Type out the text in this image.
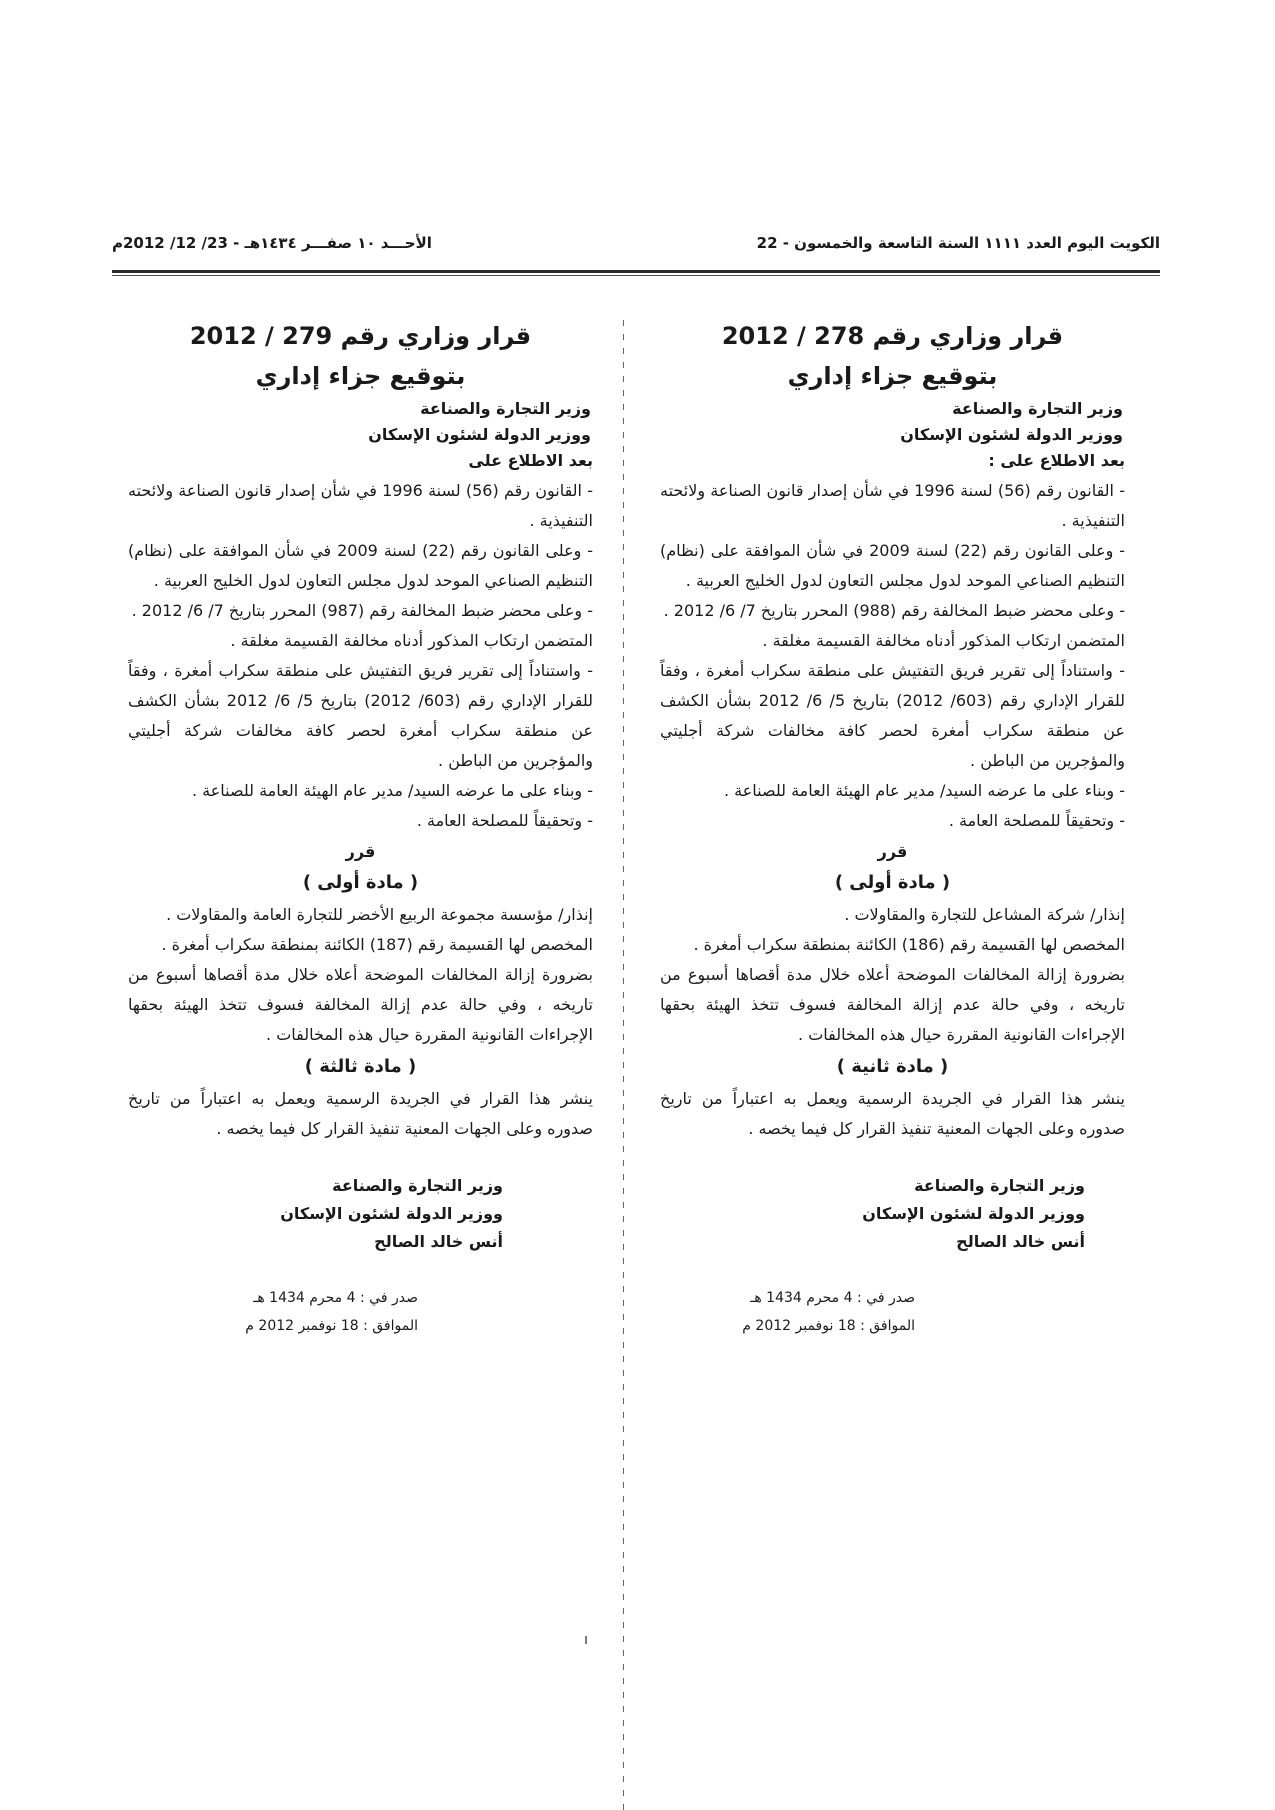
الكويت اليوم العدد ١١١١ السنة التاسعة والخمسون - 22
الأحـــد ١٠ صفـــر ١٤٣٤هـ - 23/ 12/ 2012م
قرار وزاري رقم 278 / 2012
بتوقيع جزاء إداري
وزير التجارة والصناعة
ووزير الدولة لشئون الإسكان
بعد الاطلاع على :

- القانون رقم (56) لسنة 1996 في شأن إصدار قانون الصناعة ولائحته التنفيذية .

- وعلى القانون رقم (22) لسنة 2009 في شأن الموافقة على (نظام) التنظيم الصناعي الموحد لدول مجلس التعاون لدول الخليج العربية .

- وعلى محضر ضبط المخالفة رقم (988) المحرر بتاريخ 7/ 6/ 2012 .

المتضمن ارتكاب المذكور أدناه مخالفة القسيمة مغلقة .

- واستناداً إلى تقرير فريق التفتيش على منطقة سكراب أمغرة ، وفقاً للقرار الإداري رقم (603/ 2012) بتاريخ 5/ 6/ 2012 بشأن الكشف عن منطقة سكراب أمغرة لحصر كافة مخالفات شركة أجليتي والمؤجرين من الباطن .

- وبناء على ما عرضه السيد/ مدير عام الهيئة العامة للصناعة .

- وتحقيقاً للمصلحة العامة .

قرر
( مادة أولى )

إنذار/ شركة المشاعل للتجارة والمقاولات .

المخصص لها القسيمة رقم (186) الكائنة بمنطقة سكراب أمغرة .

بضرورة إزالة المخالفات الموضحة أعلاه خلال مدة أقصاها أسبوع من تاريخه ، وفي حالة عدم إزالة المخالفة فسوف تتخذ الهيئة بحقها الإجراءات القانونية المقررة حيال هذه المخالفات .

( مادة ثانية )

ينشر هذا القرار في الجريدة الرسمية ويعمل به اعتباراً من تاريخ صدوره وعلى الجهات المعنية تنفيذ القرار كل فيما يخصه .

وزير التجارة والصناعة
ووزير الدولة لشئون الإسكان
أنس خالد الصالح
صدر في : 4 محرم 1434 هـ
الموافق : 18 نوفمبر 2012 م
قرار وزاري رقم 279 / 2012
بتوقيع جزاء إداري
وزير التجارة والصناعة
ووزير الدولة لشئون الإسكان
بعد الاطلاع على

- القانون رقم (56) لسنة 1996 في شأن إصدار قانون الصناعة ولائحته التنفيذية .

- وعلى القانون رقم (22) لسنة 2009 في شأن الموافقة على (نظام) التنظيم الصناعي الموحد لدول مجلس التعاون لدول الخليج العربية .

- وعلى محضر ضبط المخالفة رقم (987) المحرر بتاريخ 7/ 6/ 2012 .

المتضمن ارتكاب المذكور أدناه مخالفة القسيمة مغلقة .

- واستناداً إلى تقرير فريق التفتيش على منطقة سكراب أمغرة ، وفقاً للقرار الإداري رقم (603/ 2012) بتاريخ 5/ 6/ 2012 بشأن الكشف عن منطقة سكراب أمغرة لحصر كافة مخالفات شركة أجليتي والمؤجرين من الباطن .

- وبناء على ما عرضه السيد/ مدير عام الهيئة العامة للصناعة .

- وتحقيقاً للمصلحة العامة .

قرر
( مادة أولى )

إنذار/ مؤسسة مجموعة الربيع الأخضر للتجارة العامة والمقاولات .

المخصص لها القسيمة رقم (187) الكائنة بمنطقة سكراب أمغرة .

بضرورة إزالة المخالفات الموضحة أعلاه خلال مدة أقصاها أسبوع من تاريخه ، وفي حالة عدم إزالة المخالفة فسوف تتخذ الهيئة بحقها الإجراءات القانونية المقررة حيال هذه المخالفات .

( مادة ثالثة )

ينشر هذا القرار في الجريدة الرسمية ويعمل به اعتباراً من تاريخ صدوره وعلى الجهات المعنية تنفيذ القرار كل فيما يخصه .

وزير التجارة والصناعة
ووزير الدولة لشئون الإسكان
أنس خالد الصالح
صدر في : 4 محرم 1434 هـ
الموافق : 18 نوفمبر 2012 م
